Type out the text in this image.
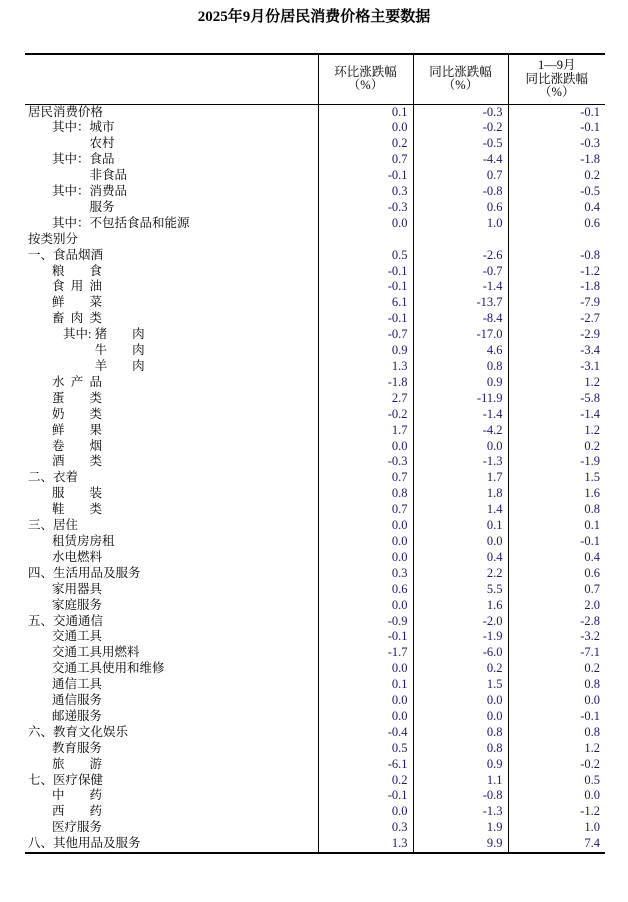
2025年9月份居民消费价格主要数据

环比涨跌幅
（%）

同比涨跌幅
（%）

1—9月
同比涨跌幅
（%）

居民消费价格	0.1	-0.3	-0.1
其中：城市	0.0	-0.2	-0.1
农村	0.2	-0.5	-0.3
其中：食品	0.7	-4.4	-1.8
非食品	-0.1	0.7	0.2
其中：消费品	0.3	-0.8	-0.5
服务	-0.3	0.6	0.4
其中：不包括食品和能源	0.0	1.0	0.6
按类别分			
一、食品烟酒	0.5	-2.6	-0.8

粮 食	-0.1	-0.7	-1.2

食 用 油	-0.1	-1.4	-1.8

鲜 菜	6.1	-13.7	-7.9

畜 肉 类	-0.1	-8.4	-2.7
其中: 猪 肉	-0.7	-17.0	-2.9

牛 肉	0.9	4.6	-3.4

羊 肉	1.3	0.8	-3.1

水 产 品	-1.8	0.9	1.2

蛋 类	2.7	-11.9	-5.8

奶 类	-0.2	-1.4	-1.4

鲜 果	1.7	-4.2	1.2

卷 烟	0.0	0.0	0.2

酒 类	-0.3	-1.3	-1.9
二、衣着	0.7	1.7	1.5

服 装	0.8	1.8	1.6

鞋 类	0.7	1.4	0.8
三、居住	0.0	0.1	0.1
租赁房房租	0.0	0.0	-0.1
水电燃料	0.0	0.4	0.4
四、生活用品及服务	0.3	2.2	0.6
家用器具	0.6	5.5	0.7
家庭服务	0.0	1.6	2.0
五、交通通信	-0.9	-2.0	-2.8
交通工具	-0.1	-1.9	-3.2
交通工具用燃料	-1.7	-6.0	-7.1
交通工具使用和维修	0.0	0.2	0.2
通信工具	0.1	1.5	0.8
通信服务	0.0	0.0	0.0
邮递服务	0.0	0.0	-0.1
六、教育文化娱乐	-0.4	0.8	0.8
教育服务	0.5	0.8	1.2

旅 游	-6.1	0.9	-0.2
七、医疗保健	0.2	1.1	0.5

中 药	-0.1	-0.8	0.0

西 药	0.0	-1.3	-1.2
医疗服务	0.3	1.9	1.0
八、其他用品及服务	1.3	9.9	7.4
